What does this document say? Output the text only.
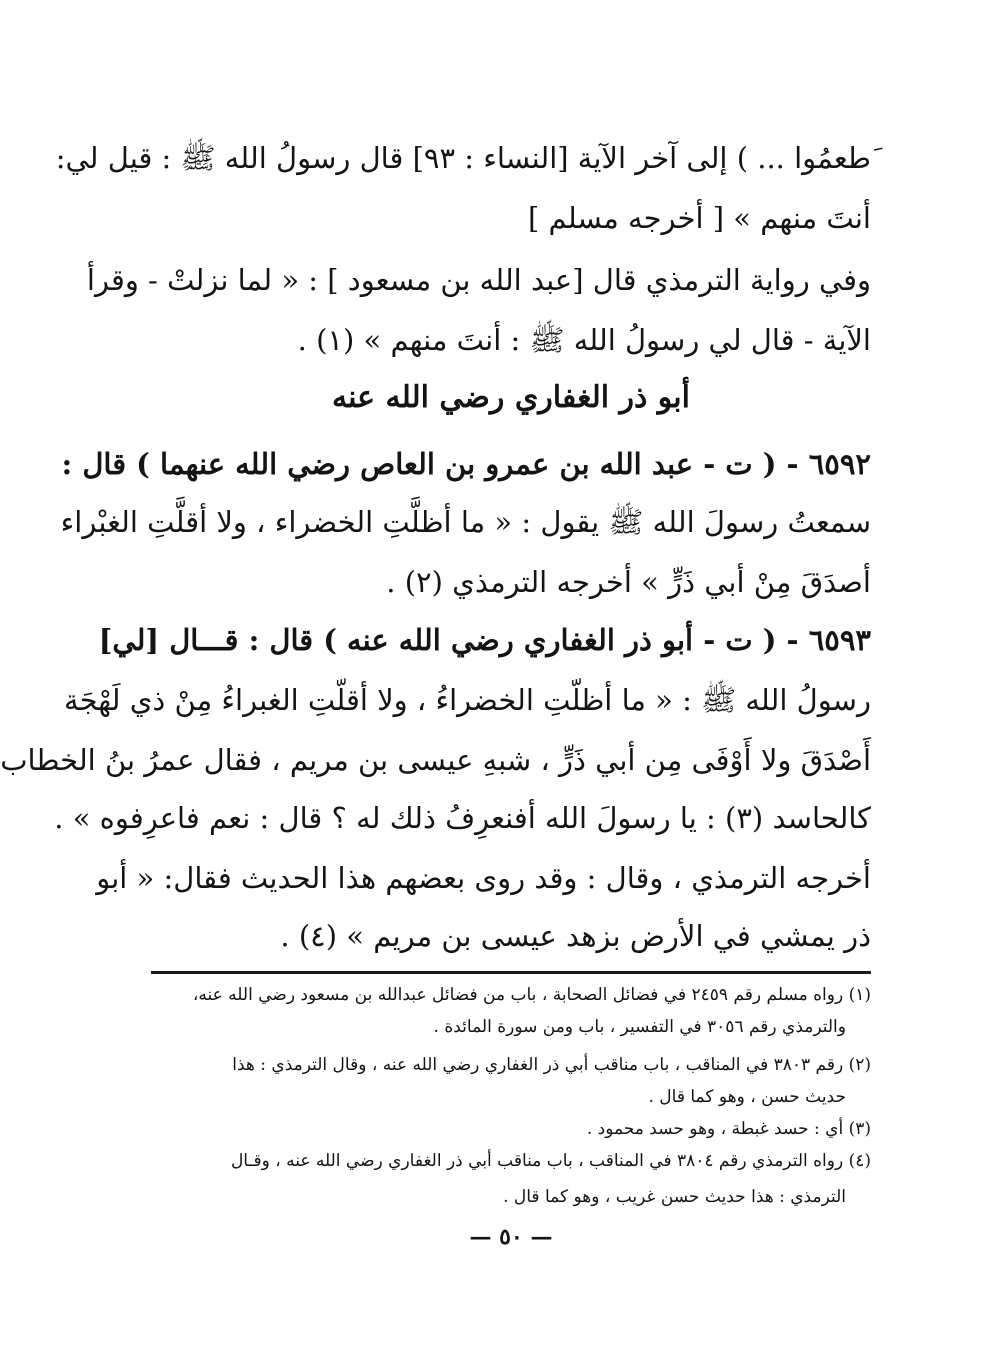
َطعمُوا ... ) إلى آخر الآية [النساء : ٩٣] قال رسولُ الله ﷺ : قيل لي:
أنتَ منهم » [ أخرجه مسلم ]
وفي رواية الترمذي قال [عبد الله بن مسعود ] : « لما نزلتْ - وقرأ
الآية - قال لي رسولُ الله ﷺ : أنتَ منهم » (١) .
أبو ذر الغفاري رضي الله عنه
٦٥٩٢ - ( ت - عبد الله بن عمرو بن العاص رضي الله عنهما ) قال :
سمعتُ رسولَ الله ﷺ يقول : « ما أظلَّتِ الخضراء ، ولا أقلَّتِ الغبْراء
أصدَقَ مِنْ أبي ذَرٍّ » أخرجه الترمذي (٢) .
٦٥٩٣ - ( ت - أبو ذر الغفاري رضي الله عنه ) قال : قـــال [لي]
رسولُ الله ﷺ : « ما أظلّتِ الخضراءُ ، ولا أقلّتِ الغبراءُ مِنْ ذي لَهْجَة
أَصْدَقَ ولا أَوْفَى مِن أبي ذَرٍّ ، شبهِ عيسى بن مريم ، فقال عمرُ بنُ الخطاب
كالحاسد (٣) : يا رسولَ الله أفنعرِفُ ذلك له ؟ قال : نعم فاعرِفوه » .
أخرجه الترمذي ، وقال : وقد روى بعضهم هذا الحديث فقال: « أبو
ذر يمشي في الأرض بزهد عيسى بن مريم » (٤) .
(١) رواه مسلم رقم ٢٤٥٩ في فضائل الصحابة ، باب من فضائل عبدالله بن مسعود رضي الله عنه،
والترمذي رقم ٣٠٥٦ في التفسير ، باب ومن سورة المائدة .
(٢) رقم ٣٨٠٣ في المناقب ، باب مناقب أبي ذر الغفاري رضي الله عنه ، وقال الترمذي : هذا
حديث حسن ، وهو كما قال .
(٣) أي : حسد غبطة ، وهو حسد محمود .
(٤) رواه الترمذي رقم ٣٨٠٤ في المناقب ، باب مناقب أبي ذر الغفاري رضي الله عنه ، وقـال
الترمذي : هذا حديث حسن غريب ، وهو كما قال .
— ٥٠ —
